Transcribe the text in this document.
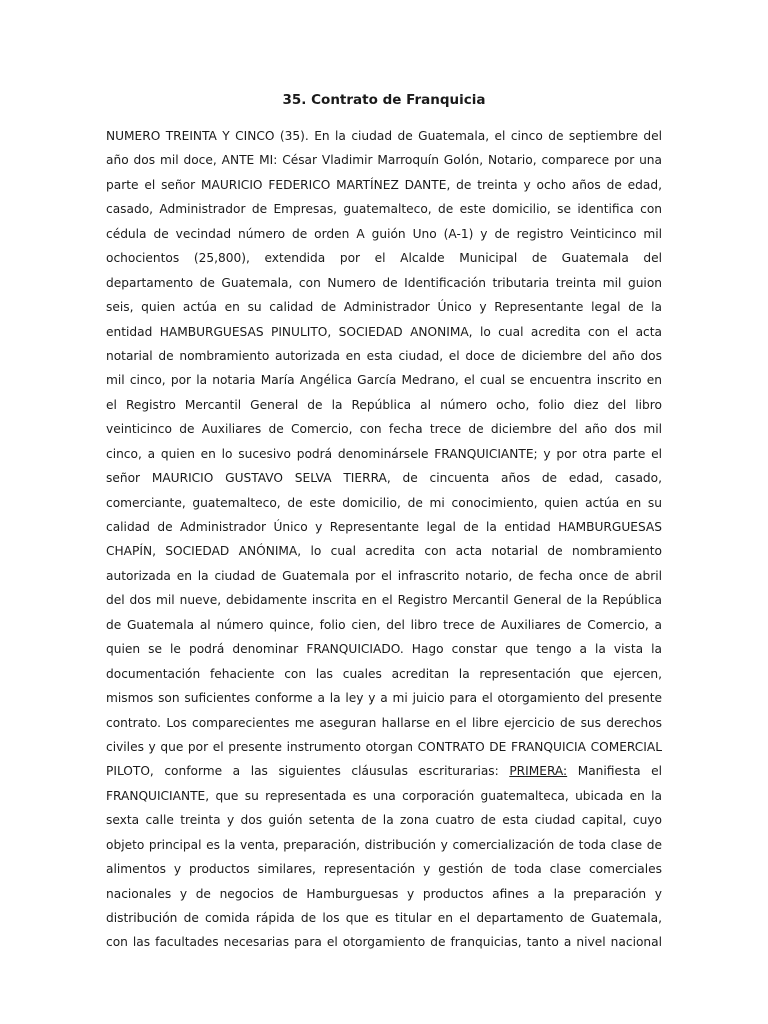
35. Contrato de Franquicia
NUMERO TREINTA Y CINCO (35). En la ciudad de Guatemala, el cinco de septiembre del
año dos mil doce, ANTE MI: César Vladimir Marroquín Golón, Notario, comparece por una
parte el señor MAURICIO FEDERICO MARTÍNEZ DANTE, de treinta y ocho años de edad,
casado, Administrador de Empresas, guatemalteco, de este domicilio, se identifica con
cédula de vecindad número de orden A guión Uno (A-1) y de registro Veinticinco mil
ochocientos (25,800), extendida por el Alcalde Municipal de Guatemala del
departamento de Guatemala, con Numero de Identificación tributaria treinta mil guion
seis, quien actúa en su calidad de Administrador Único y Representante legal de la
entidad HAMBURGUESAS PINULITO, SOCIEDAD ANONIMA, lo cual acredita con el acta
notarial de nombramiento autorizada en esta ciudad, el doce de diciembre del año dos
mil cinco, por la notaria María Angélica García Medrano, el cual se encuentra inscrito en
el Registro Mercantil General de la República al número ocho, folio diez del libro
veinticinco de Auxiliares de Comercio, con fecha trece de diciembre del año dos mil
cinco, a quien en lo sucesivo podrá denominársele FRANQUICIANTE; y por otra parte el
señor MAURICIO GUSTAVO SELVA TIERRA, de cincuenta años de edad, casado,
comerciante, guatemalteco, de este domicilio, de mi conocimiento, quien actúa en su
calidad de Administrador Único y Representante legal de la entidad HAMBURGUESAS
CHAPÍN, SOCIEDAD ANÓNIMA, lo cual acredita con acta notarial de nombramiento
autorizada en la ciudad de Guatemala por el infrascrito notario, de fecha once de abril
del dos mil nueve, debidamente inscrita en el Registro Mercantil General de la República
de Guatemala al número quince, folio cien, del libro trece de Auxiliares de Comercio, a
quien se le podrá denominar FRANQUICIADO. Hago constar que tengo a la vista la
documentación fehaciente con las cuales acreditan la representación que ejercen,
mismos son suficientes conforme a la ley y a mi juicio para el otorgamiento del presente
contrato. Los comparecientes me aseguran hallarse en el libre ejercicio de sus derechos
civiles y que por el presente instrumento otorgan CONTRATO DE FRANQUICIA COMERCIAL
PILOTO, conforme a las siguientes cláusulas escriturarias: PRIMERA: Manifiesta el
FRANQUICIANTE, que su representada es una corporación guatemalteca, ubicada en la
sexta calle treinta y dos guión setenta de la zona cuatro de esta ciudad capital, cuyo
objeto principal es la venta, preparación, distribución y comercialización de toda clase de
alimentos y productos similares, representación y gestión de toda clase comerciales
nacionales y de negocios de Hamburguesas y productos afines a la preparación y
distribución de comida rápida de los que es titular en el departamento de Guatemala,
con las facultades necesarias para el otorgamiento de franquicias, tanto a nivel nacional
